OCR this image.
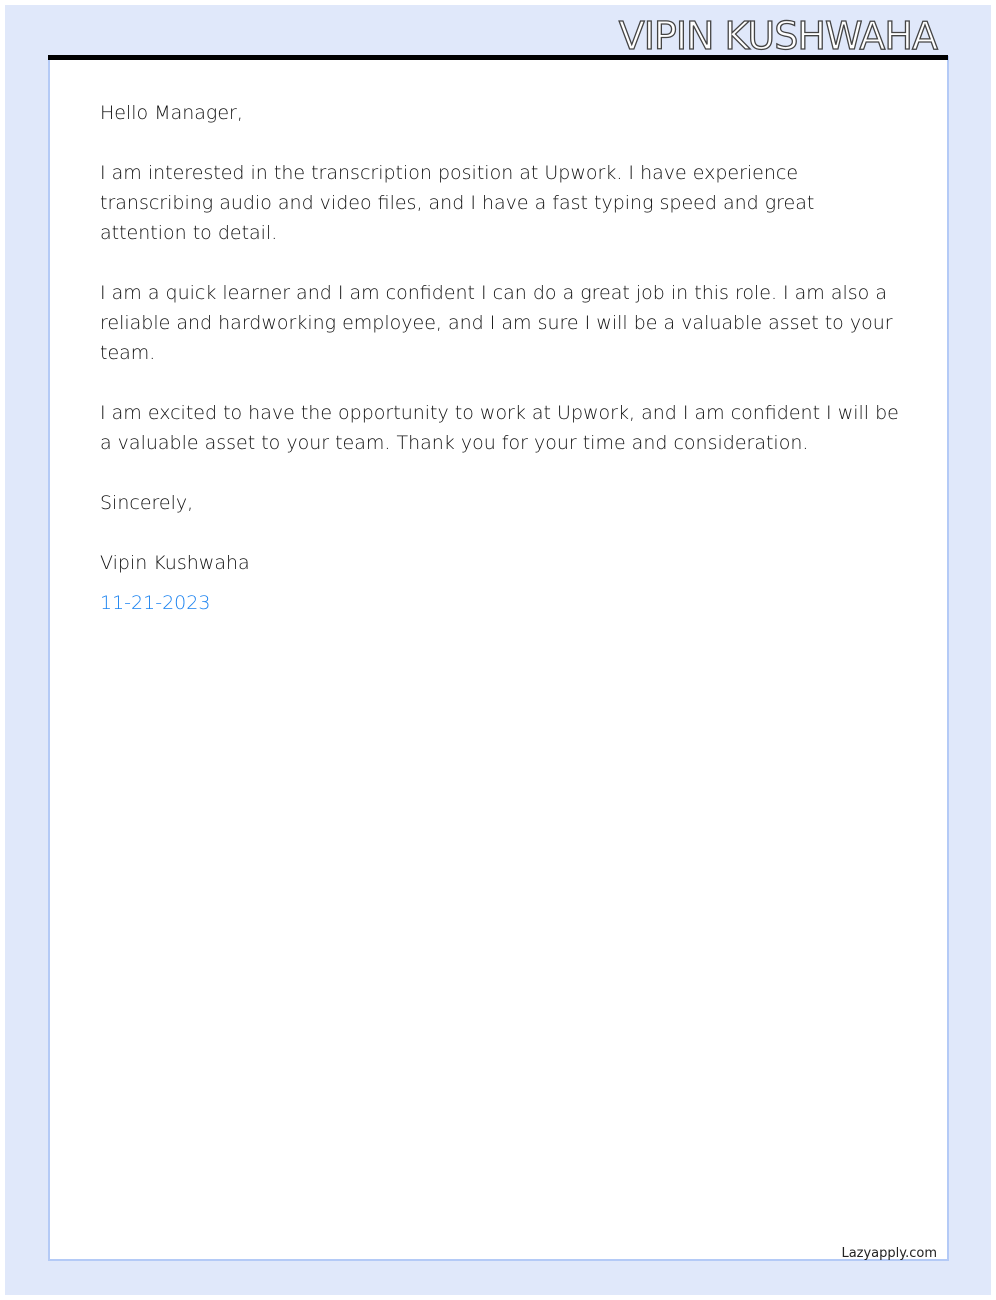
VIPIN KUSHWAHA

Hello Manager,

I am interested in the transcription position at Upwork. I have experience transcribing audio and video files, and I have a fast typing speed and great attention to detail.

I am a quick learner and I am confident I can do a great job in this role. I am also a reliable and hardworking employee, and I am sure I will be a valuable asset to your team.

I am excited to have the opportunity to work at Upwork, and I am confident I will be a valuable asset to your team. Thank you for your time and consideration.

Sincerely,

Vipin Kushwaha

11-21-2023
Lazyapply.com
